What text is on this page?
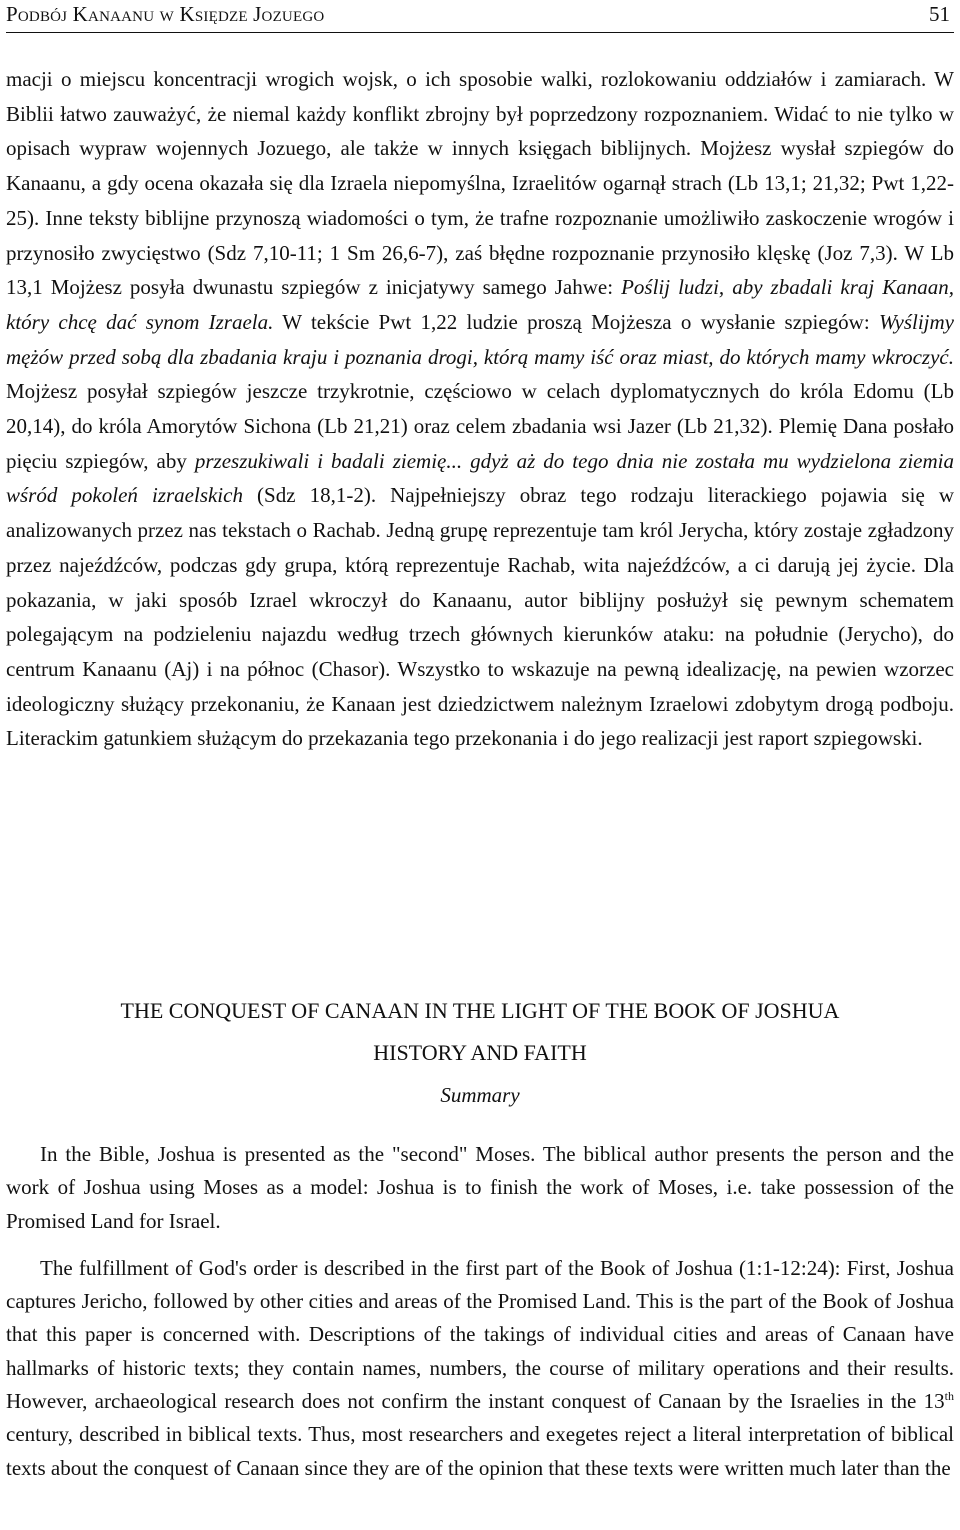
Podbój Kanaanu w Księdze Jozuego	51

macji o miejscu koncentracji wrogich wojsk, o ich sposobie walki, rozlokowaniu oddziałów i zamiarach. W Biblii łatwo zauważyć, że niemal każdy konflikt zbrojny był poprzedzony rozpoznaniem. Widać to nie tylko w opisach wypraw wojennych Jozuego, ale także w innych księgach biblijnych. Mojżesz wysłał szpiegów do Kanaanu, a gdy ocena okazała się dla Izraela niepomyślna, Izraelitów ogarnął strach (Lb 13,1; 21,32; Pwt 1,22-25). Inne teksty biblijne przynoszą wiadomości o tym, że trafne rozpoznanie umożliwiło zaskoczenie wrogów i przynosiło zwycięstwo (Sdz 7,10-11; 1 Sm 26,6-7), zaś błędne rozpoznanie przynosiło klęskę (Joz 7,3). W Lb 13,1 Mojżesz posyła dwunastu szpiegów z inicjatywy samego Jahwe: Poślij ludzi, aby zbadali kraj Kanaan, który chcę dać synom Izraela. W tekście Pwt 1,22 ludzie proszą Mojżesza o wysłanie szpiegów: Wyślijmy mężów przed sobą dla zbadania kraju i poznania drogi, którą mamy iść oraz miast, do których mamy wkroczyć. Mojżesz posyłał szpiegów jeszcze trzykrotnie, częściowo w celach dyplomatycznych do króla Edomu (Lb 20,14), do króla Amorytów Sichona (Lb 21,21) oraz celem zbadania wsi Jazer (Lb 21,32). Plemię Dana posłało pięciu szpiegów, aby przeszukiwali i badali ziemię... gdyż aż do tego dnia nie została mu wydzielona ziemia wśród pokoleń izraelskich (Sdz 18,1-2). Najpełniejszy obraz tego rodzaju literackiego pojawia się w analizowanych przez nas tekstach o Rachab. Jedną grupę reprezentuje tam król Jerycha, który zostaje zgładzony przez najeźdźców, podczas gdy grupa, którą reprezentuje Rachab, wita najeźdźców, a ci darują jej życie. Dla pokazania, w jaki sposób Izrael wkroczył do Kanaanu, autor biblijny posłużył się pewnym schematem polegającym na podzieleniu najazdu według trzech głównych kierunków ataku: na południe (Jerycho), do centrum Kanaanu (Aj) i na północ (Chasor). Wszystko to wskazuje na pewną idealizację, na pewien wzorzec ideologiczny służący przekonaniu, że Kanaan jest dziedzictwem należnym Izraelowi zdobytym drogą podboju. Literackim gatunkiem służącym do przekazania tego przekonania i do jego realizacji jest raport szpiegowski.

THE CONQUEST OF CANAAN IN THE LIGHT OF THE BOOK OF JOSHUA

HISTORY AND FAITH

Summary

In the Bible, Joshua is presented as the "second" Moses. The biblical author presents the person and the work of Joshua using Moses as a model: Joshua is to finish the work of Moses, i.e. take possession of the Promised Land for Israel.

The fulfillment of God's order is described in the first part of the Book of Joshua (1:1-12:24): First, Joshua captures Jericho, followed by other cities and areas of the Promised Land. This is the part of the Book of Joshua that this paper is concerned with. Descriptions of the takings of individual cities and areas of Canaan have hallmarks of historic texts; they contain names, numbers, the course of military operations and their results. However, archaeological research does not confirm the instant conquest of Canaan by the Israelies in the 13th century, described in biblical texts. Thus, most researchers and exegetes reject a literal interpretation of biblical texts about the conquest of Canaan since they are of the opinion that these texts were written much later than the
